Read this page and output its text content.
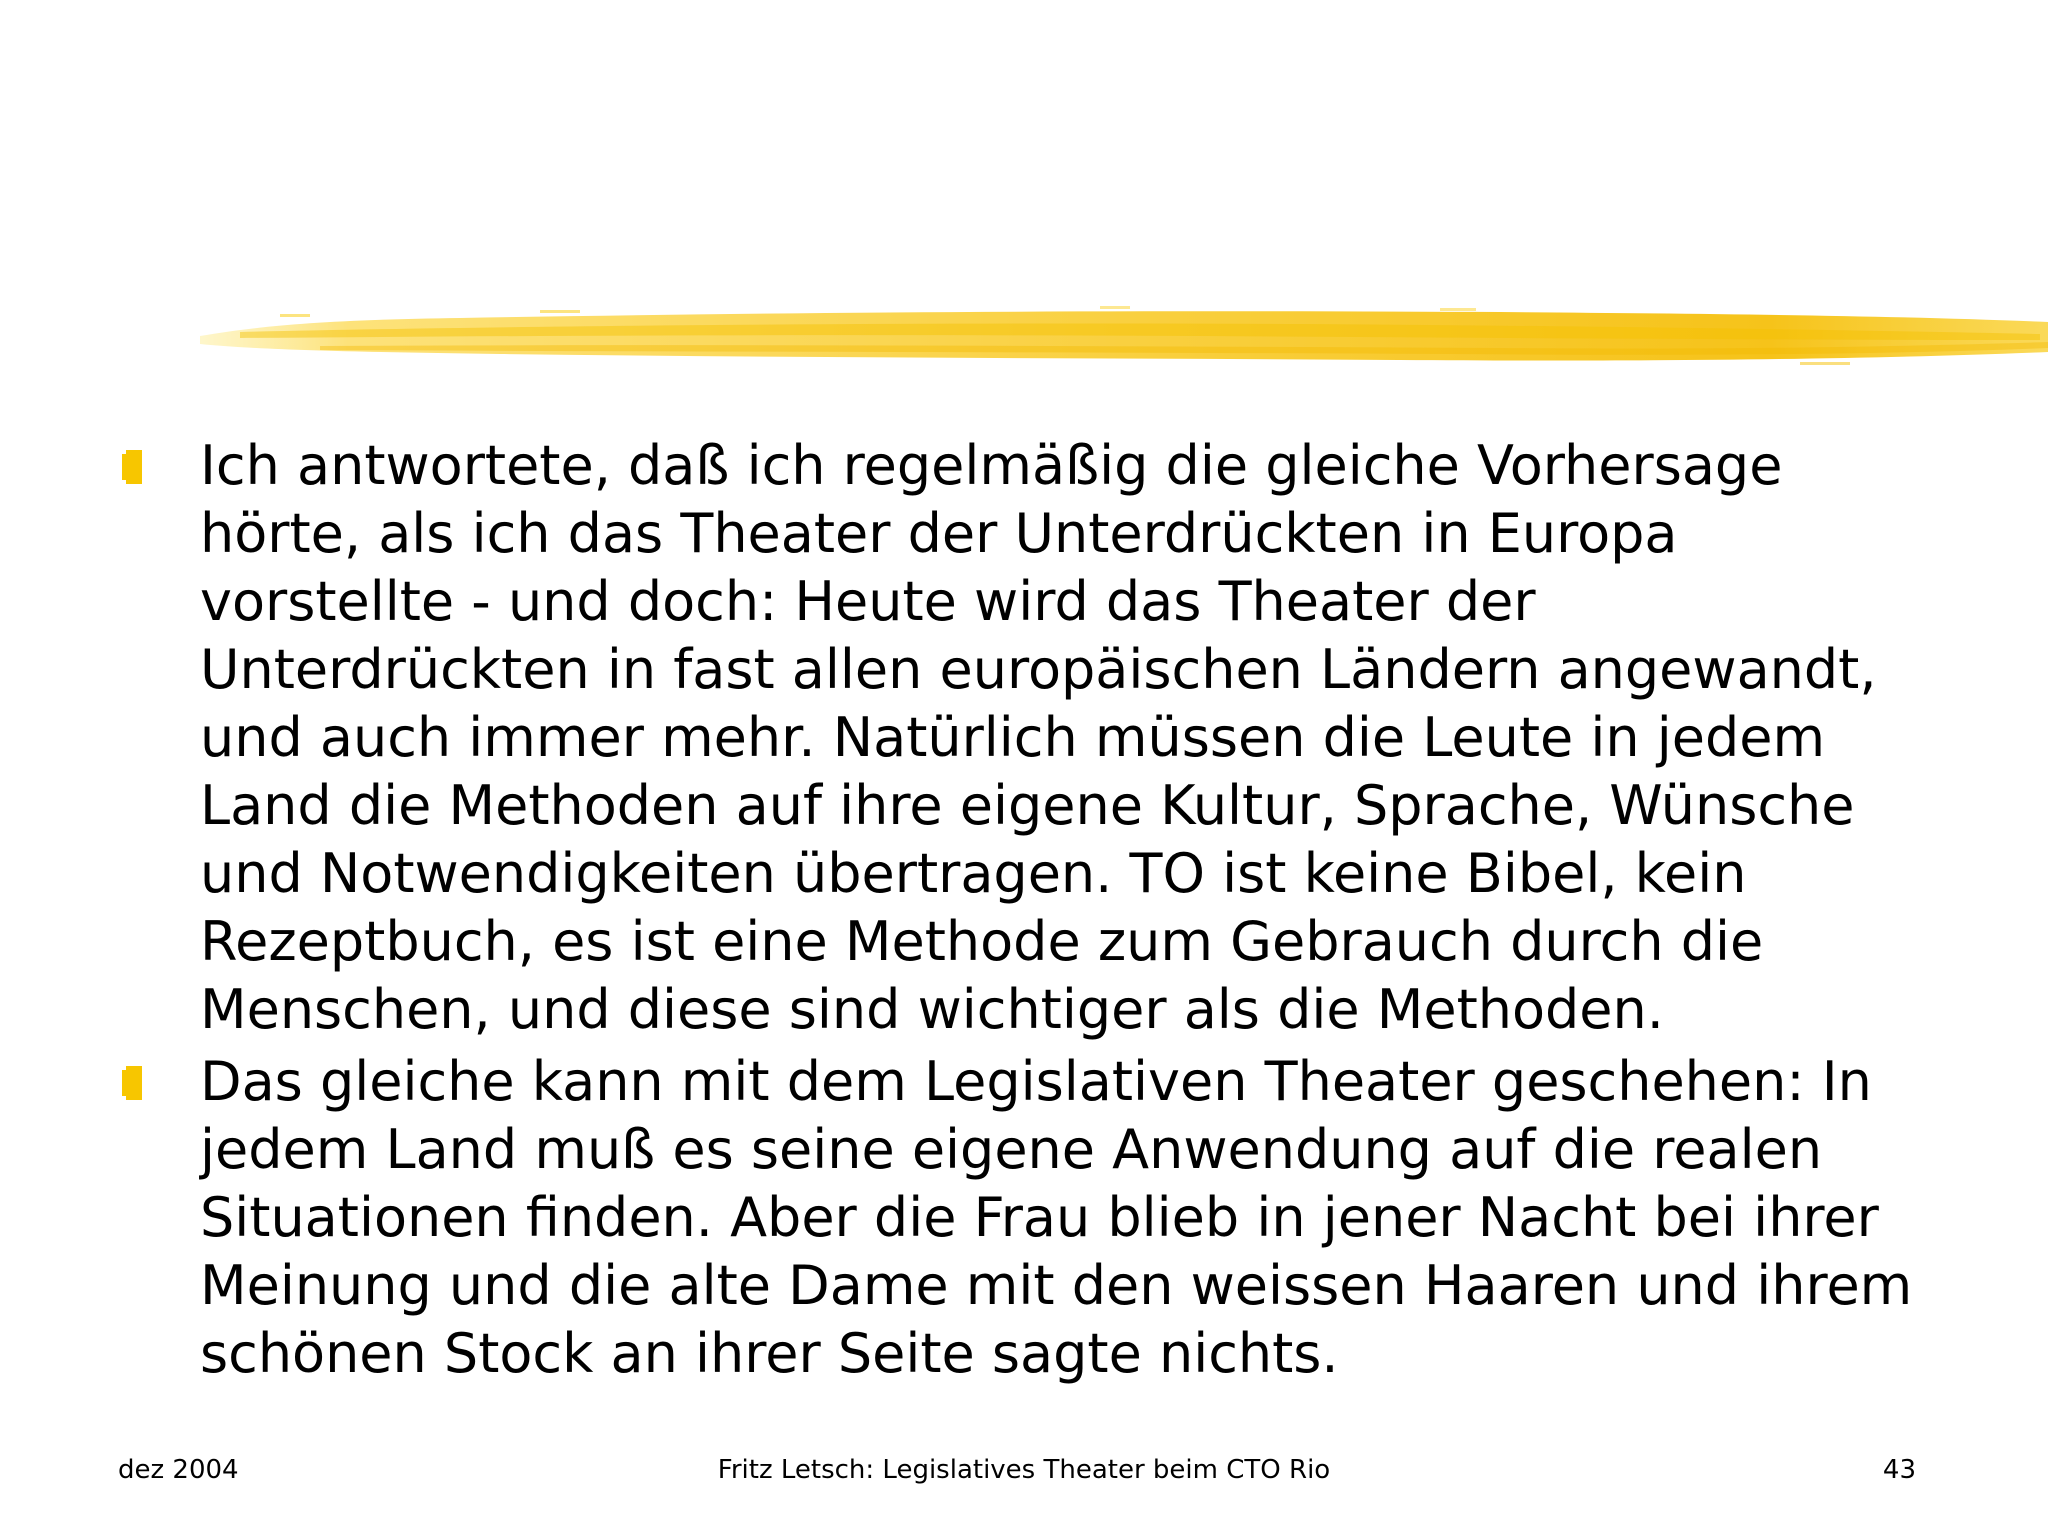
Ich antwortete, daß ich regelmäßig die gleiche Vorhersage hörte, als ich das Theater der Unterdrückten in Europa vorstellte - und doch: Heute wird das Theater der Unterdrückten in fast allen europäischen Ländern angewandt, und auch immer mehr. Natürlich müssen die Leute in jedem Land die Methoden auf ihre eigene Kultur, Sprache, Wünsche und Notwendigkeiten übertragen. TO ist keine Bibel, kein Rezeptbuch, es ist eine Methode zum Gebrauch durch die Menschen, und diese sind wichtiger als die Methoden.
Das gleiche kann mit dem Legislativen Theater geschehen: In jedem Land muß es seine eigene Anwendung auf die realen Situationen finden. Aber die Frau blieb in jener Nacht bei ihrer Meinung und die alte Dame mit den weissen Haaren und ihrem schönen Stock an ihrer Seite sagte nichts.
dez 2004	Fritz Letsch: Legislatives Theater beim CTO Rio	43
